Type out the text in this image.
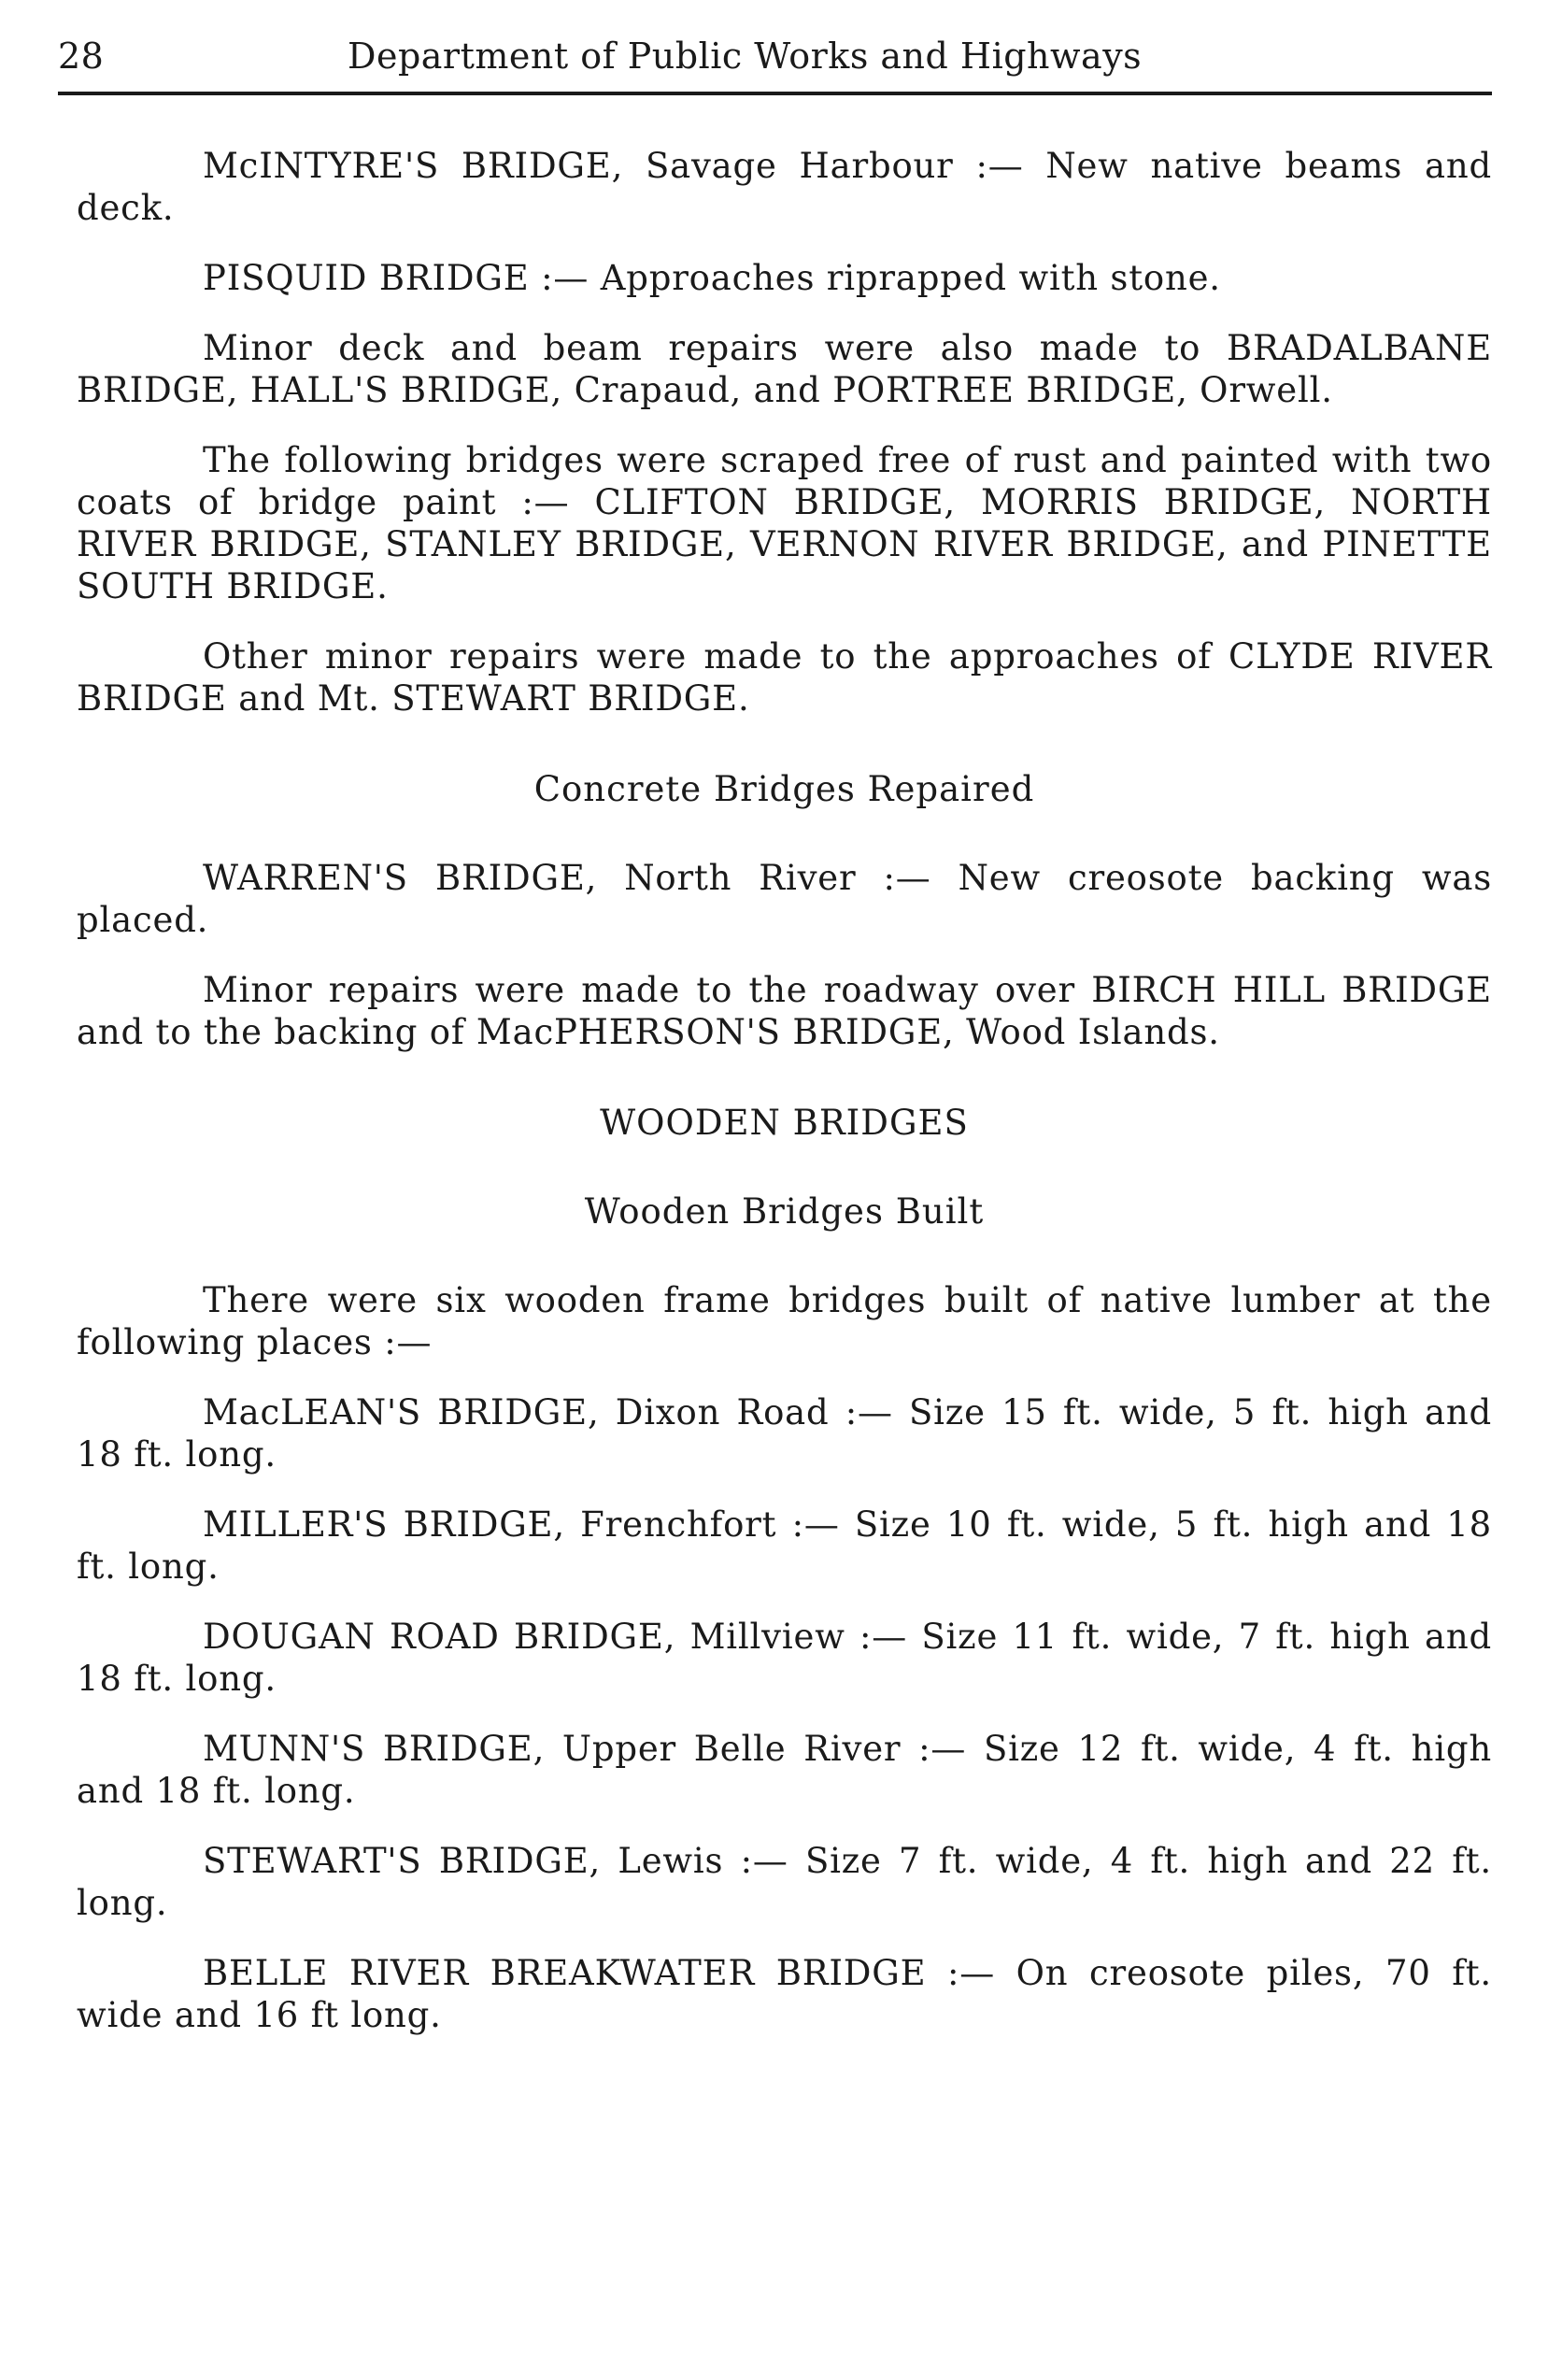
28	Department of Public Works and Highways

McINTYRE'S BRIDGE, Savage Harbour :— New native beams and deck.

PISQUID BRIDGE :— Approaches riprapped with stone.

Minor deck and beam repairs were also made to BRADALBANE BRIDGE, HALL'S BRIDGE, Crapaud, and PORTREE BRIDGE, Orwell.

The following bridges were scraped free of rust and painted with two coats of bridge paint :— CLIFTON BRIDGE, MORRIS BRIDGE, NORTH RIVER BRIDGE, STANLEY BRIDGE, VERNON RIVER BRIDGE, and PINETTE SOUTH BRIDGE.

Other minor repairs were made to the approaches of CLYDE RIVER BRIDGE and Mt. STEWART BRIDGE.

Concrete Bridges Repaired

WARREN'S BRIDGE, North River :— New creosote backing was placed.

Minor repairs were made to the roadway over BIRCH HILL BRIDGE and to the backing of MacPHERSON'S BRIDGE, Wood Islands.

WOODEN BRIDGES
Wooden Bridges Built

There were six wooden frame bridges built of native lumber at the following places :—

MacLEAN'S BRIDGE, Dixon Road :— Size 15 ft. wide, 5 ft. high and 18 ft. long.

MILLER'S BRIDGE, Frenchfort :— Size 10 ft. wide, 5 ft. high and 18 ft. long.

DOUGAN ROAD BRIDGE, Millview :— Size 11 ft. wide, 7 ft. high and 18 ft. long.

MUNN'S BRIDGE, Upper Belle River :— Size 12 ft. wide, 4 ft. high and 18 ft. long.

STEWART'S BRIDGE, Lewis :— Size 7 ft. wide, 4 ft. high and 22 ft. long.

BELLE RIVER BREAKWATER BRIDGE :— On creosote piles, 70 ft. wide and 16 ft long.
